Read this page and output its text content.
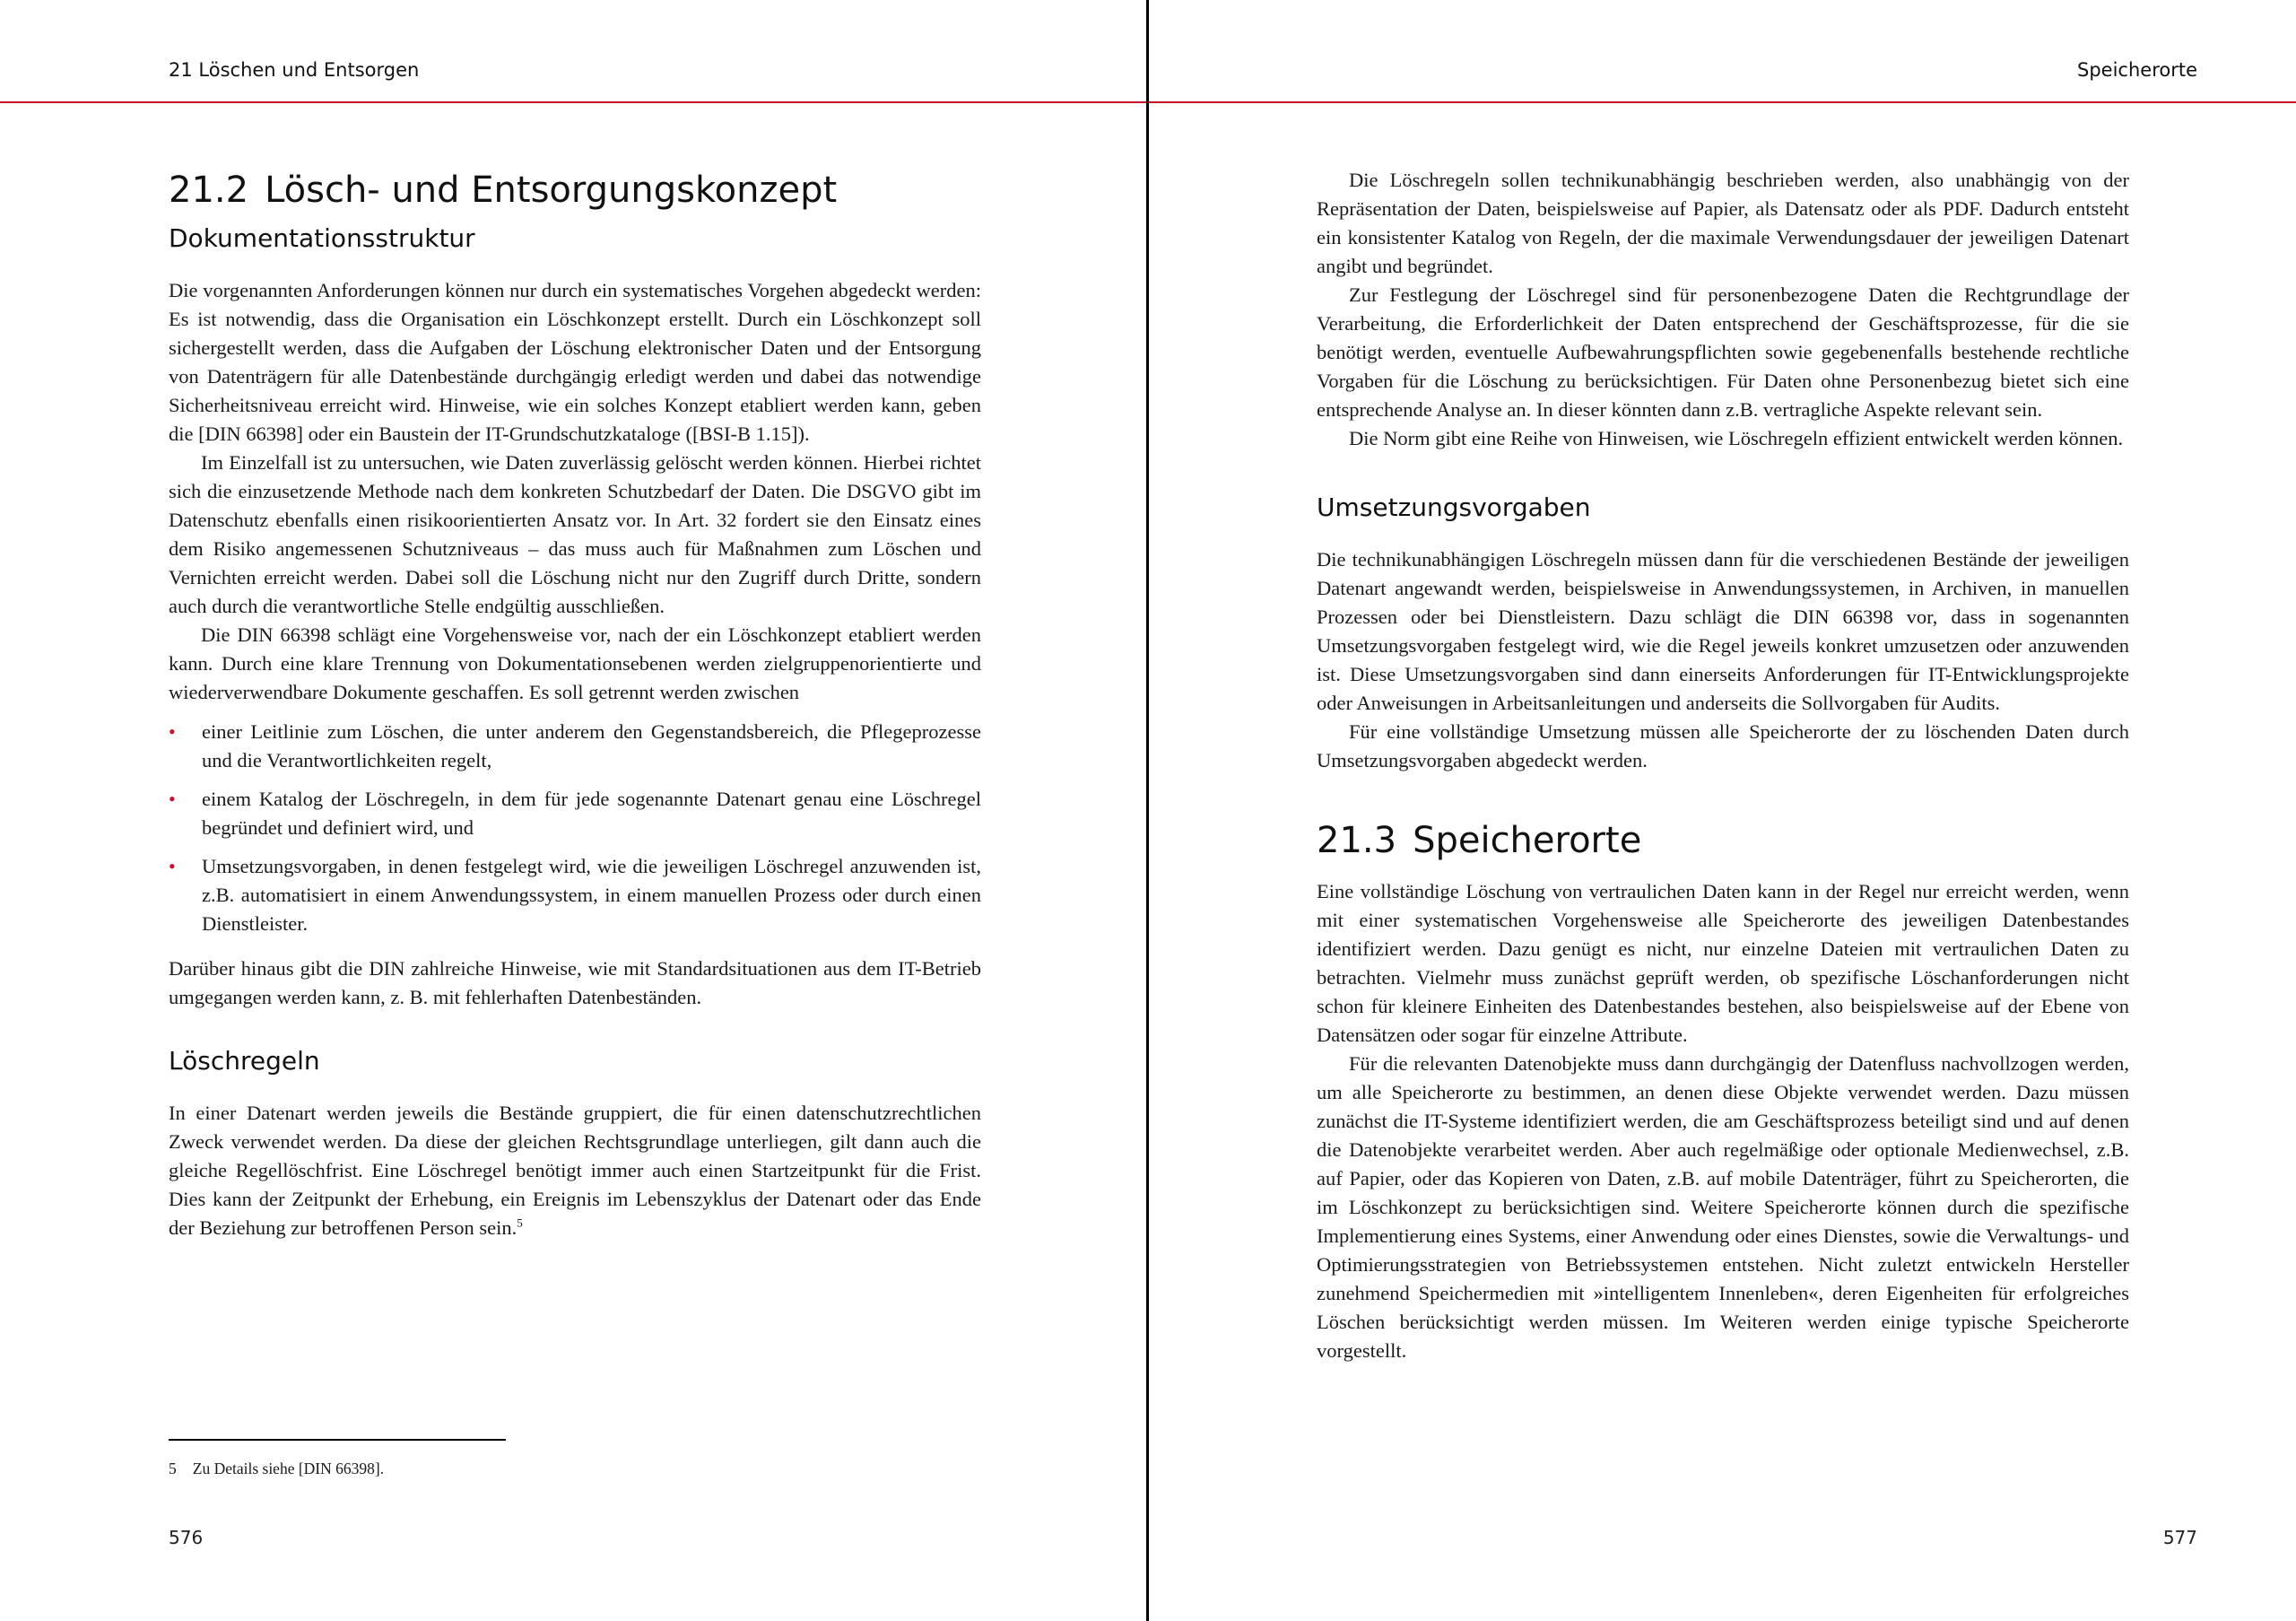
21 Löschen und Entsorgen
21.2 Lösch- und Entsorgungskonzept
Dokumentationsstruktur

Die vorgenannten Anforderungen können nur durch ein systematisches Vorgehen abgedeckt werden: Es ist notwendig, dass die Organisation ein Löschkonzept erstellt. Durch ein Löschkonzept soll sichergestellt werden, dass die Aufgaben der Löschung elektronischer Daten und der Entsorgung von Datenträgern für alle Datenbestände durchgängig erledigt werden und dabei das notwendige Sicherheitsniveau erreicht wird. Hinweise, wie ein solches Konzept etabliert werden kann, geben die [DIN 66398] oder ein Baustein der IT-Grundschutzkataloge ([BSI-B 1.15]).

Im Einzelfall ist zu untersuchen, wie Daten zuverlässig gelöscht werden können. Hierbei richtet sich die einzusetzende Methode nach dem konkreten Schutzbedarf der Daten. Die DSGVO gibt im Datenschutz ebenfalls einen risikoorientierten Ansatz vor. In Art. 32 fordert sie den Einsatz eines dem Risiko angemessenen Schutzniveaus – das muss auch für Maßnahmen zum Löschen und Vernichten erreicht werden. Dabei soll die Löschung nicht nur den Zugriff durch Dritte, sondern auch durch die verantwortliche Stelle endgültig ausschließen.

Die DIN 66398 schlägt eine Vorgehensweise vor, nach der ein Löschkonzept etabliert werden kann. Durch eine klare Trennung von Dokumentationsebenen werden zielgruppenorientierte und wiederverwendbare Dokumente geschaffen. Es soll getrennt werden zwischen

• einer Leitlinie zum Löschen, die unter anderem den Gegenstandsbereich, die Pflegeprozesse und die Verantwortlichkeiten regelt,
• einem Katalog der Löschregeln, in dem für jede sogenannte Datenart genau eine Löschregel begründet und definiert wird, und
• Umsetzungsvorgaben, in denen festgelegt wird, wie die jeweiligen Löschregel anzuwenden ist, z.B. automatisiert in einem Anwendungssystem, in einem manuellen Prozess oder durch einen Dienstleister.

Darüber hinaus gibt die DIN zahlreiche Hinweise, wie mit Standardsituationen aus dem IT-Betrieb umgegangen werden kann, z. B. mit fehlerhaften Datenbeständen.

Löschregeln

In einer Datenart werden jeweils die Bestände gruppiert, die für einen datenschutzrechtlichen Zweck verwendet werden. Da diese der gleichen Rechtsgrundlage unterliegen, gilt dann auch die gleiche Regellöschfrist. Eine Löschregel benötigt immer auch einen Startzeitpunkt für die Frist. Dies kann der Zeitpunkt der Erhebung, ein Ereignis im Lebenszyklus der Datenart oder das Ende der Beziehung zur betroffenen Person sein.$^5$

5 Zu Details siehe [DIN 66398].
576
Speicherorte

Die Löschregeln sollen technikunabhängig beschrieben werden, also unabhängig von der Repräsentation der Daten, beispielsweise auf Papier, als Datensatz oder als PDF. Dadurch entsteht ein konsistenter Katalog von Regeln, der die maximale Verwendungsdauer der jeweiligen Datenart angibt und begründet.

Zur Festlegung der Löschregel sind für personenbezogene Daten die Rechtgrundlage der Verarbeitung, die Erforderlichkeit der Daten entsprechend der Geschäftsprozesse, für die sie benötigt werden, eventuelle Aufbewahrungspflichten sowie gegebenenfalls bestehende rechtliche Vorgaben für die Löschung zu berücksichtigen. Für Daten ohne Personenbezug bietet sich eine entsprechende Analyse an. In dieser könnten dann z.B. vertragliche Aspekte relevant sein.

Die Norm gibt eine Reihe von Hinweisen, wie Löschregeln effizient entwickelt werden können.

Umsetzungsvorgaben

Die technikunabhängigen Löschregeln müssen dann für die verschiedenen Bestände der jeweiligen Datenart angewandt werden, beispielsweise in Anwendungssystemen, in Archiven, in manuellen Prozessen oder bei Dienstleistern. Dazu schlägt die DIN 66398 vor, dass in sogenannten Umsetzungsvorgaben festgelegt wird, wie die Regel jeweils konkret umzusetzen oder anzuwenden ist. Diese Umsetzungsvorgaben sind dann einerseits Anforderungen für IT-Entwicklungsprojekte oder Anweisungen in Arbeitsanleitungen und anderseits die Sollvorgaben für Audits.

Für eine vollständige Umsetzung müssen alle Speicherorte der zu löschenden Daten durch Umsetzungsvorgaben abgedeckt werden.

21.3 Speicherorte

Eine vollständige Löschung von vertraulichen Daten kann in der Regel nur erreicht werden, wenn mit einer systematischen Vorgehensweise alle Speicherorte des jeweiligen Datenbestandes identifiziert werden. Dazu genügt es nicht, nur einzelne Dateien mit vertraulichen Daten zu betrachten. Vielmehr muss zunächst geprüft werden, ob spezifische Löschanforderungen nicht schon für kleinere Einheiten des Datenbestandes bestehen, also beispielsweise auf der Ebene von Datensätzen oder sogar für einzelne Attribute.

Für die relevanten Datenobjekte muss dann durchgängig der Datenfluss nachvollzogen werden, um alle Speicherorte zu bestimmen, an denen diese Objekte verwendet werden. Dazu müssen zunächst die IT-Systeme identifiziert werden, die am Geschäftsprozess beteiligt sind und auf denen die Datenobjekte verarbeitet werden. Aber auch regelmäßige oder optionale Medienwechsel, z.B. auf Papier, oder das Kopieren von Daten, z.B. auf mobile Datenträger, führt zu Speicherorten, die im Löschkonzept zu berücksichtigen sind. Weitere Speicherorte können durch die spezifische Implementierung eines Systems, einer Anwendung oder eines Dienstes, sowie die Verwaltungs- und Optimierungsstrategien von Betriebssystemen entstehen. Nicht zuletzt entwickeln Hersteller zunehmend Speichermedien mit »intelligentem Innenleben«, deren Eigenheiten für erfolgreiches Löschen berücksichtigt werden müssen. Im Weiteren werden einige typische Speicherorte vorgestellt.

577
